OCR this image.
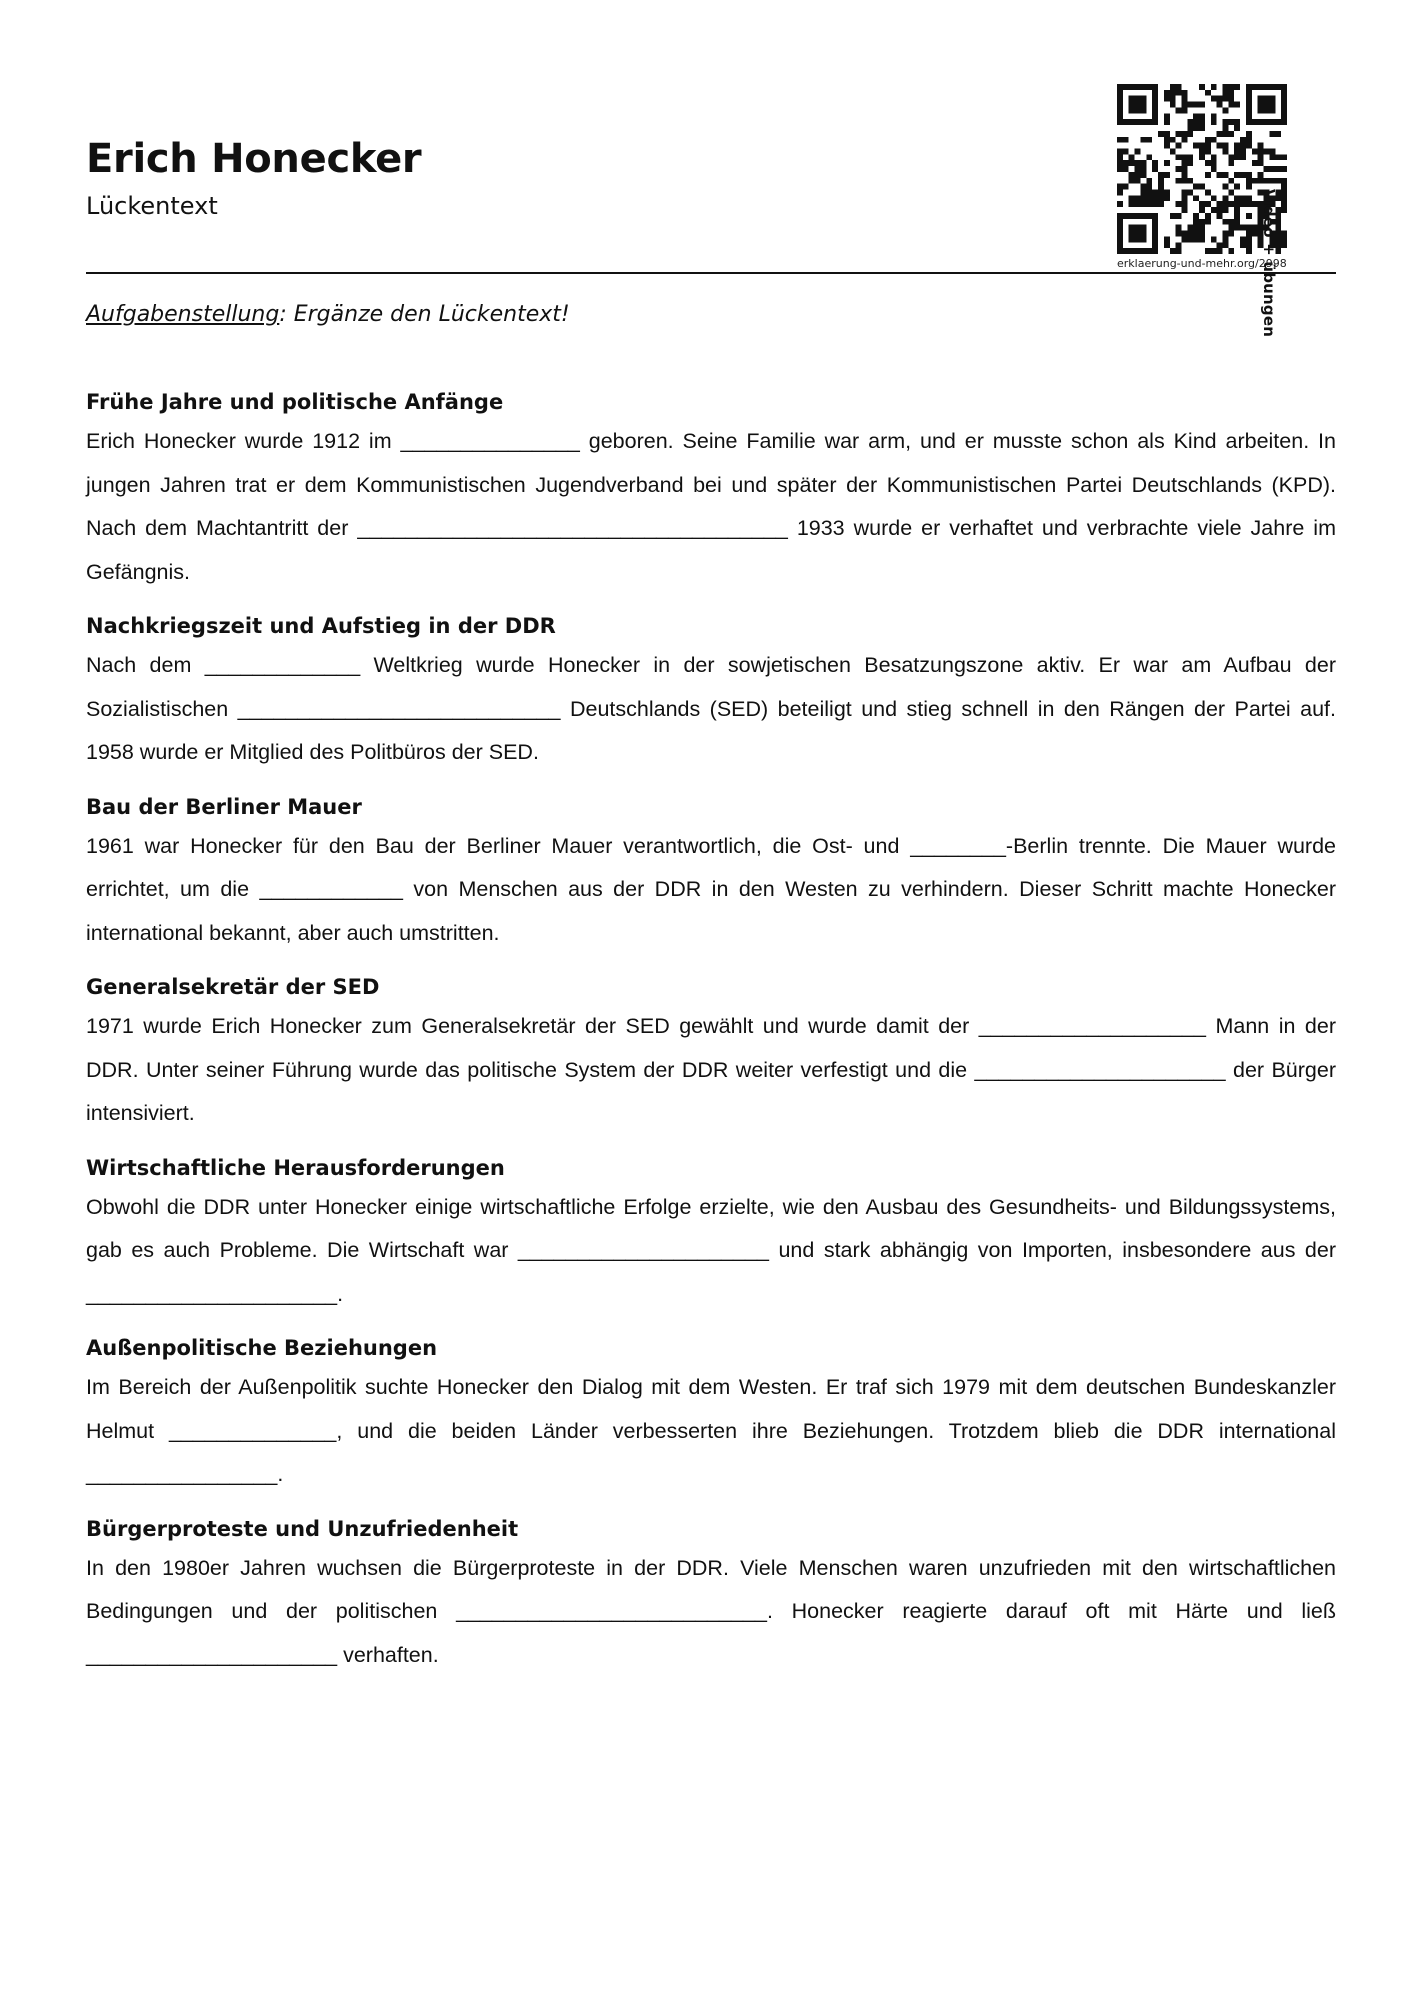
Erich Honecker

Lückentext	Video + übungen
erklaerung-und-mehr.org/2998

Aufgabenstellung: Ergänze den Lückentext!

Frühe Jahre und politische Anfänge

Erich Honecker wurde 1912 im _______________ geboren. Seine Familie war arm, und er musste schon als Kind arbeiten. In jungen Jahren trat er dem Kommunistischen Jugendverband bei und später der Kommunistischen Partei Deutschlands (KPD). Nach dem Machtantritt der ____________________________________ 1933 wurde er verhaftet und verbrachte viele Jahre im Gefängnis.

Nachkriegszeit und Aufstieg in der DDR

Nach dem _____________ Weltkrieg wurde Honecker in der sowjetischen Besatzungszone aktiv. Er war am Aufbau der Sozialistischen ___________________________ Deutschlands (SED) beteiligt und stieg schnell in den Rängen der Partei auf. 1958 wurde er Mitglied des Politbüros der SED.

Bau der Berliner Mauer

1961 war Honecker für den Bau der Berliner Mauer verantwortlich, die Ost- und ________-Berlin trennte. Die Mauer wurde errichtet, um die ____________ von Menschen aus der DDR in den Westen zu verhindern. Dieser Schritt machte Honecker international bekannt, aber auch umstritten.

Generalsekretär der SED

1971 wurde Erich Honecker zum Generalsekretär der SED gewählt und wurde damit der ___________________ Mann in der DDR. Unter seiner Führung wurde das politische System der DDR weiter verfestigt und die _____________________ der Bürger intensiviert.

Wirtschaftliche Herausforderungen

Obwohl die DDR unter Honecker einige wirtschaftliche Erfolge erzielte, wie den Ausbau des Gesundheits- und Bildungssystems, gab es auch Probleme. Die Wirtschaft war _____________________ und stark abhängig von Importen, insbesondere aus der _____________________.

Außenpolitische Beziehungen

Im Bereich der Außenpolitik suchte Honecker den Dialog mit dem Westen. Er traf sich 1979 mit dem deutschen Bundeskanzler Helmut ______________, und die beiden Länder verbesserten ihre Beziehungen. Trotzdem blieb die DDR international ________________.

Bürgerproteste und Unzufriedenheit

In den 1980er Jahren wuchsen die Bürgerproteste in der DDR. Viele Menschen waren unzufrieden mit den wirtschaftlichen Bedingungen und der politischen __________________________. Honecker reagierte darauf oft mit Härte und ließ _____________________ verhaften.
